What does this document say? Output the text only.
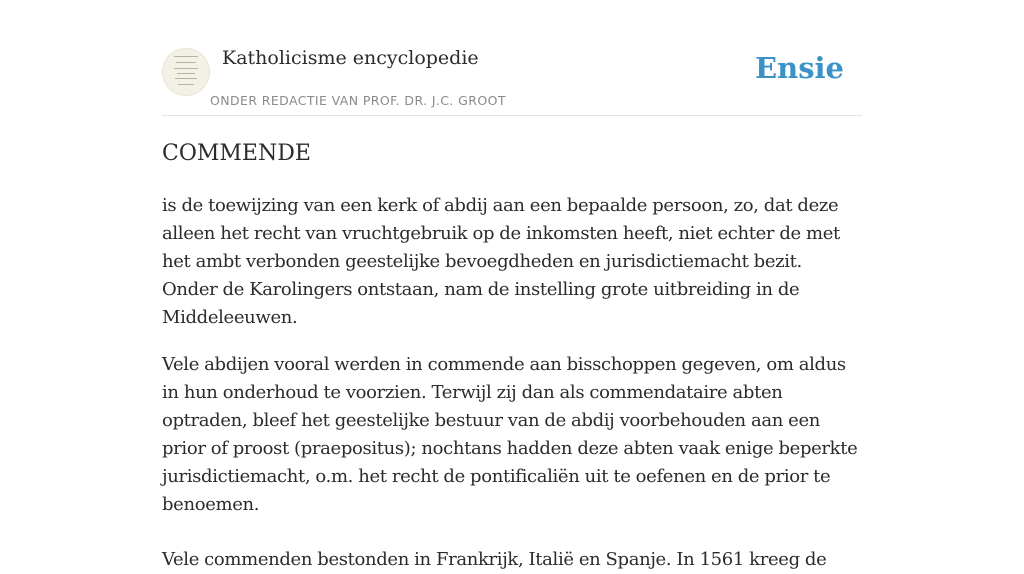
Katholicisme encyclopedie
ONDER REDACTIE VAN PROF. DR. J.C. GROOT
Ensie
COMMENDE

is de toewijzing van een kerk of abdij aan een bepaalde persoon, zo, dat deze alleen het recht van vruchtgebruik op de inkomsten heeft, niet echter de met het ambt verbonden geestelijke bevoegdheden en jurisdictiemacht bezit. Onder de Karolingers ontstaan, nam de instelling grote uitbreiding in de Middeleeuwen.

Vele abdijen vooral werden in commende aan bisschoppen gegeven, om aldus in hun onderhoud te voorzien. Terwijl zij dan als commendataire abten optraden, bleef het geestelijke bestuur van de abdij voorbehouden aan een prior of proost (praepositus); nochtans hadden deze abten vaak enige beperkte jurisdictiemacht, o.m. het recht de pontificaliën uit te oefenen en de prior te benoemen.

Vele commenden bestonden in Frankrijk, Italië en Spanje. In 1561 kreeg de
